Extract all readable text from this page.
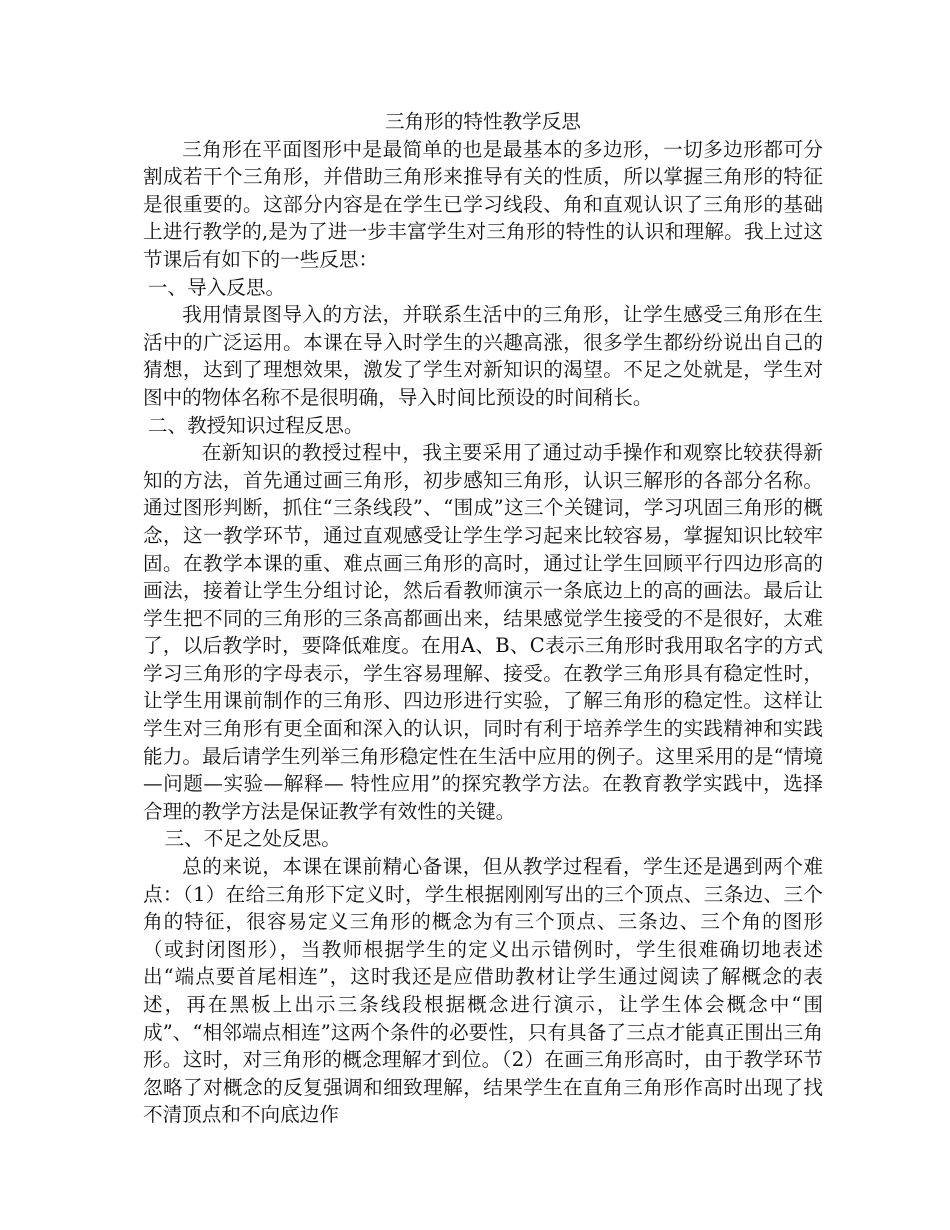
三角形的特性教学反思

三角形在平面图形中是最简单的也是最基本的多边形，一切多边形都可分割成若干个三角形，并借助三角形来推导有关的性质，所以掌握三角形的特征是很重要的。这部分内容是在学生已学习线段、角和直观认识了三角形的基础上进行教学的,是为了进一步丰富学生对三角形的特性的认识和理解。我上过这节课后有如下的一些反思：

一、导入反思。

我用情景图导入的方法，并联系生活中的三角形，让学生感受三角形在生活中的广泛运用。本课在导入时学生的兴趣高涨，很多学生都纷纷说出自己的猜想，达到了理想效果，激发了学生对新知识的渴望。不足之处就是，学生对图中的物体名称不是很明确，导入时间比预设的时间稍长。

二、教授知识过程反思。

在新知识的教授过程中，我主要采用了通过动手操作和观察比较获得新知的方法，首先通过画三角形，初步感知三角形，认识三解形的各部分名称。通过图形判断，抓住“三条线段”、“围成”这三个关键词，学习巩固三角形的概念，这一教学环节，通过直观感受让学生学习起来比较容易，掌握知识比较牢固。在教学本课的重、难点画三角形的高时，通过让学生回顾平行四边形高的画法，接着让学生分组讨论，然后看教师演示一条底边上的高的画法。最后让学生把不同的三角形的三条高都画出来，结果感觉学生接受的不是很好，太难了，以后教学时，要降低难度。在用A、B、C表示三角形时我用取名字的方式学习三角形的字母表示，学生容易理解、接受。在教学三角形具有稳定性时，让学生用课前制作的三角形、四边形进行实验，了解三角形的稳定性。这样让学生对三角形有更全面和深入的认识，同时有利于培养学生的实践精神和实践能力。最后请学生列举三角形稳定性在生活中应用的例子。这里采用的是“情境—问题—实验—解释— 特性应用”的探究教学方法。在教育教学实践中，选择合理的教学方法是保证教学有效性的关键。

三、不足之处反思。

总的来说，本课在课前精心备课，但从教学过程看，学生还是遇到两个难点：（1）在给三角形下定义时，学生根据刚刚写出的三个顶点、三条边、三个角的特征，很容易定义三角形的概念为有三个顶点、三条边、三个角的图形（或封闭图形），当教师根据学生的定义出示错例时，学生很难确切地表述出“端点要首尾相连”，这时我还是应借助教材让学生通过阅读了解概念的表述，再在黑板上出示三条线段根据概念进行演示，让学生体会概念中“围成”、“相邻端点相连”这两个条件的必要性，只有具备了三点才能真正围出三角形。这时，对三角形的概念理解才到位。（2）在画三角形高时，由于教学环节忽略了对概念的反复强调和细致理解，结果学生在直角三角形作高时出现了找不清顶点和不向底边作
